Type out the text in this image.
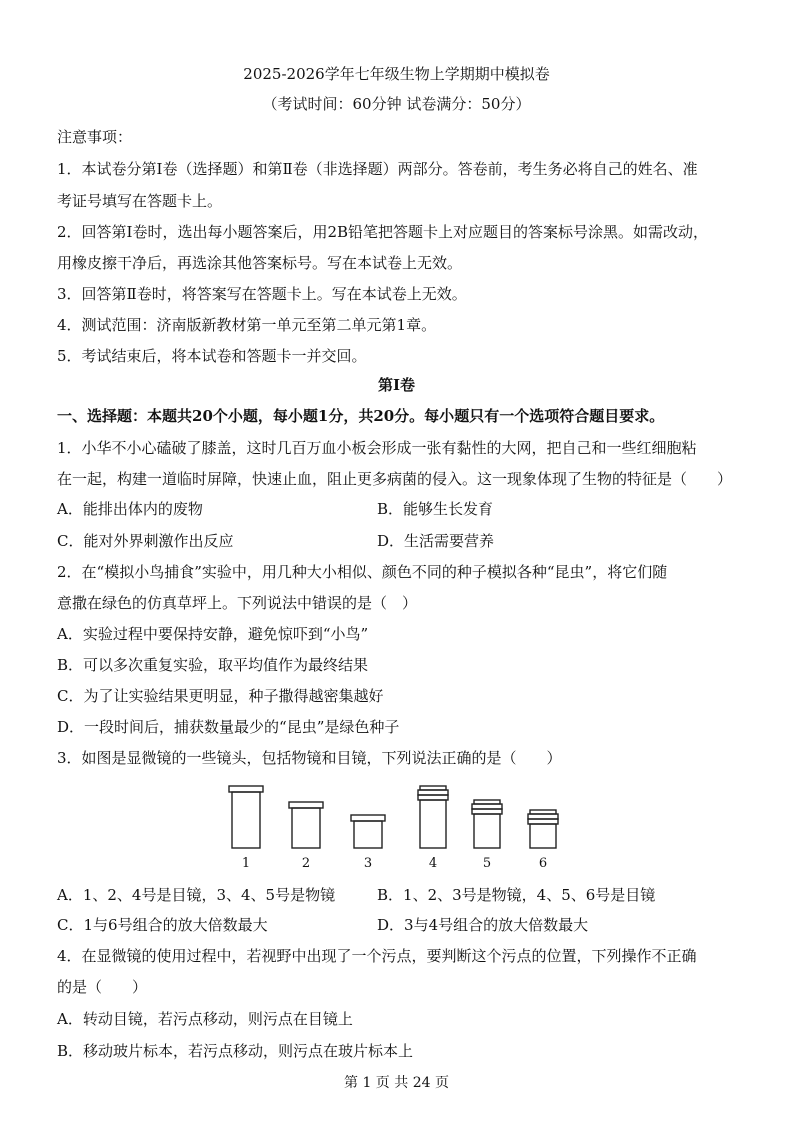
2025-2026学年七年级生物上学期期中模拟卷
（考试时间：60分钟 试卷满分：50分）
注意事项：
1．本试卷分第Ⅰ卷（选择题）和第Ⅱ卷（非选择题）两部分。答卷前，考生务必将自己的姓名、准
考证号填写在答题卡上。
2．回答第Ⅰ卷时，选出每小题答案后，用2B铅笔把答题卡上对应题目的答案标号涂黑。如需改动，
用橡皮擦干净后，再选涂其他答案标号。写在本试卷上无效。
3．回答第Ⅱ卷时，将答案写在答题卡上。写在本试卷上无效。
4．测试范围：济南版新教材第一单元至第二单元第1章。
5．考试结束后，将本试卷和答题卡一并交回。
第Ⅰ卷
一、选择题：本题共20个小题，每小题1分，共20分。每小题只有一个选项符合题目要求。
1．小华不小心磕破了膝盖，这时几百万血小板会形成一张有黏性的大网，把自己和一些红细胞粘
在一起，构建一道临时屏障，快速止血，阻止更多病菌的侵入。这一现象体现了生物的特征是（　　）
A．能排出体内的废物	B．能够生长发育
C．能对外界刺激作出反应	D．生活需要营养
2．在“模拟小鸟捕食”实验中，用几种大小相似、颜色不同的种子模拟各种“昆虫”，将它们随
意撒在绿色的仿真草坪上。下列说法中错误的是（　）
A．实验过程中要保持安静，避免惊吓到“小鸟”
B．可以多次重复实验，取平均值作为最终结果
C．为了让实验结果更明显，种子撒得越密集越好
D．一段时间后，捕获数量最少的“昆虫”是绿色种子
3．如图是显微镜的一些镜头，包括物镜和目镜，下列说法正确的是（　　）
1	2	3	4	5	6
A．1、2、4号是目镜，3、4、5号是物镜	B．1、2、3号是物镜，4、5、6号是目镜
C．1与6号组合的放大倍数最大	D．3与4号组合的放大倍数最大
4．在显微镜的使用过程中，若视野中出现了一个污点，要判断这个污点的位置，下列操作不正确
的是（　　）
A．转动目镜，若污点移动，则污点在目镜上
B．移动玻片标本，若污点移动，则污点在玻片标本上
第 1 页 共 24 页
